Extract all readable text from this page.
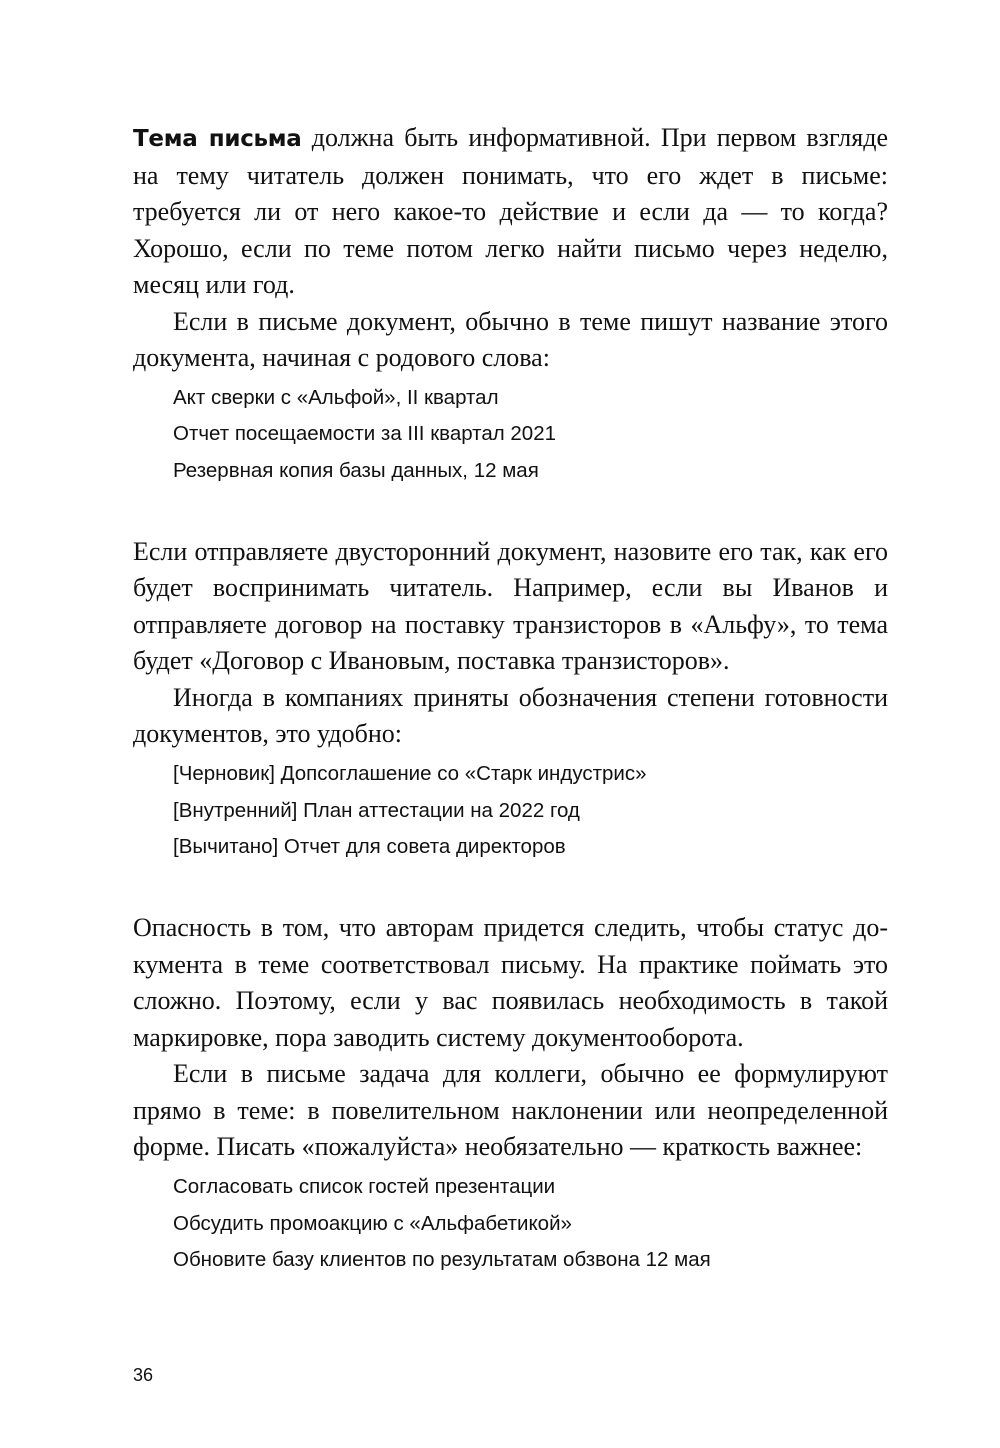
Тема письма должна быть информативной. При первом взгляде на тему читатель должен понимать, что его ждет в письме: требуется ли от него какое-то действие и если да — то когда? Хорошо, если по теме потом легко найти письмо через неделю, месяц или год.

Если в письме документ, обычно в теме пишут название этого документа, начиная с родового слова:

Акт сверки с «Альфой», II квартал
Отчет посещаемости за III квартал 2021
Резервная копия базы данных, 12 мая

Если отправляете двусторонний документ, назовите его так, как его будет воспринимать читатель. Например, если вы Иванов и отправляете договор на поставку транзисторов в «Альфу», то тема будет «Договор с Ивановым, поставка транзисторов».

Иногда в компаниях приняты обозначения степени готовности документов, это удобно:

[Черновик] Допсоглашение со «Старк индустрис»
[Внутренний] План аттестации на 2022 год
[Вычитано] Отчет для совета директоров

Опасность в том, что авторам придется следить, чтобы статус документа в теме соответствовал письму. На практике поймать это сложно. Поэтому, если у вас появилась необходимость в такой маркировке, пора заводить систему документооборота.

Если в письме задача для коллеги, обычно ее формулируют прямо в теме: в повелительном наклонении или неопределенной форме. Писать «пожалуйста» необязательно — краткость важнее:

Согласовать список гостей презентации
Обсудить промоакцию с «Альфабетикой»
Обновите базу клиентов по результатам обзвона 12 мая
36
